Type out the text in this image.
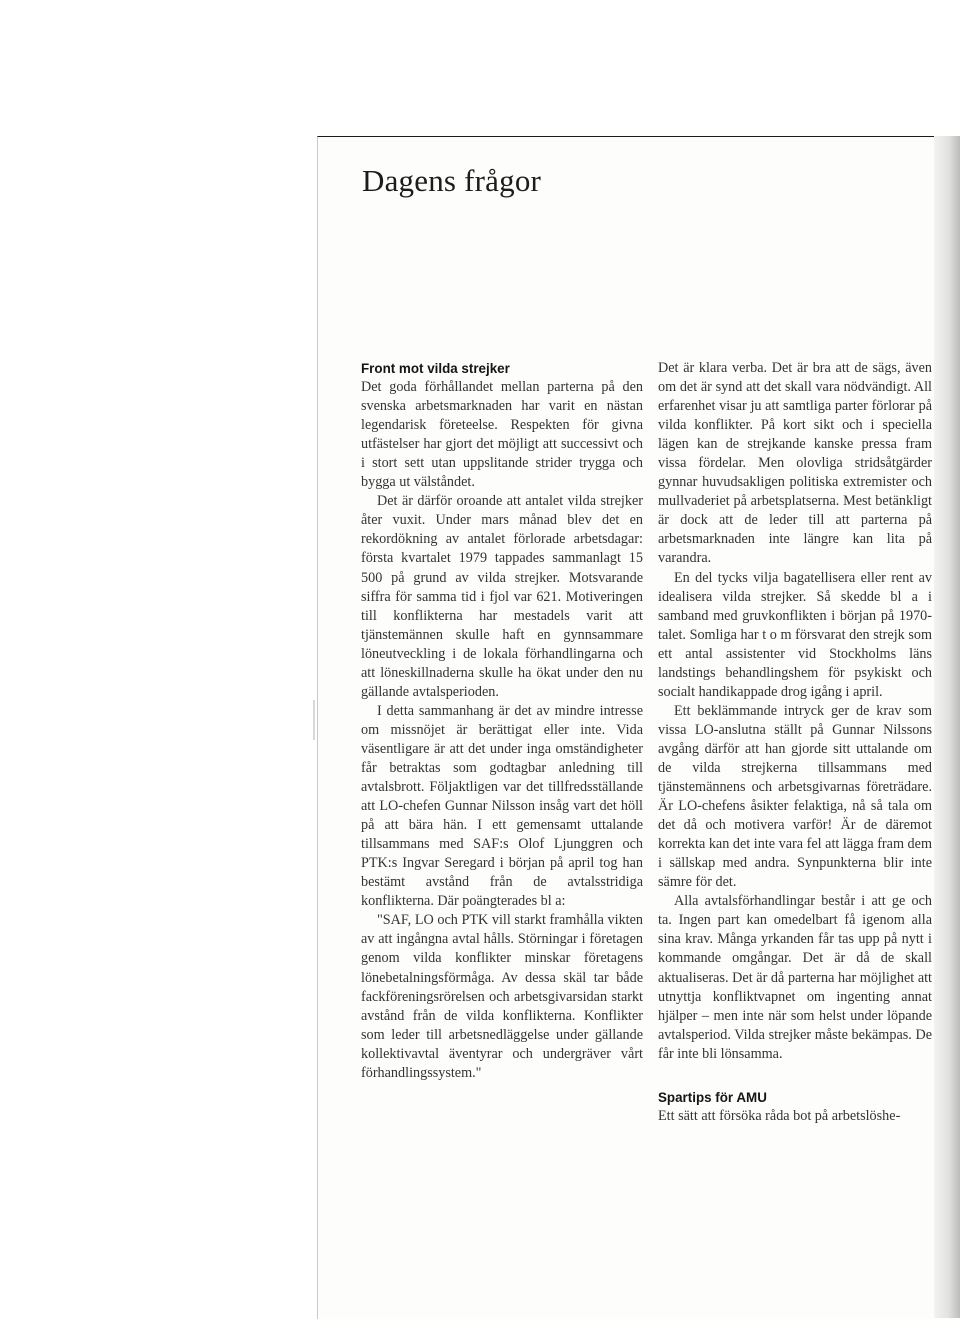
Dagens frågor
Front mot vilda strejker

Det goda förhållandet mellan parterna på den svenska arbetsmarknaden har varit en nästan legendarisk företeelse. Respekten för givna utfästelser har gjort det möjligt att successivt och i stort sett utan uppslitande strider trygga och bygga ut välståndet.

Det är därför oroande att antalet vilda strejker åter vuxit. Under mars månad blev det en rekordökning av antalet förlorade arbetsdagar: första kvartalet 1979 tappades sammanlagt 15 500 på grund av vilda strejker. Motsvarande siffra för samma tid i fjol var 621. Motiveringen till konflikterna har mestadels varit att tjänstemännen skulle haft en gynnsammare löneutveckling i de lokala förhandlingarna och att löneskillnaderna skulle ha ökat under den nu gällande avtalsperioden.

I detta sammanhang är det av mindre intresse om missnöjet är berättigat eller inte. Vida väsentligare är att det under inga omständigheter får betraktas som godtagbar anledning till avtalsbrott. Följaktligen var det tillfredsställande att LO-chefen Gunnar Nilsson insåg vart det höll på att bära hän. I ett gemensamt uttalande tillsammans med SAF:s Olof Ljunggren och PTK:s Ingvar Seregard i början på april tog han bestämt avstånd från de avtalsstridiga konflikterna. Där poängterades bl a:

"SAF, LO och PTK vill starkt framhålla vikten av att ingångna avtal hålls. Störningar i företagen genom vilda konflikter minskar företagens lönebetalningsförmåga. Av dessa skäl tar både fackföreningsrörelsen och arbetsgivarsidan starkt avstånd från de vilda konflikterna. Konflikter som leder till arbetsnedläggelse under gällande kollektivavtal äventyrar och undergräver vårt förhandlingssystem."

Det är klara verba. Det är bra att de sägs, även om det är synd att det skall vara nödvändigt. All erfarenhet visar ju att samtliga parter förlorar på vilda konflikter. På kort sikt och i speciella lägen kan de strejkande kanske pressa fram vissa fördelar. Men olovliga stridsåtgärder gynnar huvudsakligen politiska extremister och mullvaderiet på arbetsplatserna. Mest betänkligt är dock att de leder till att parterna på arbetsmarknaden inte längre kan lita på varandra.

En del tycks vilja bagatellisera eller rent av idealisera vilda strejker. Så skedde bl a i samband med gruvkonflikten i början på 1970-talet. Somliga har t o m försvarat den strejk som ett antal assistenter vid Stockholms läns landstings behandlingshem för psykiskt och socialt handikappade drog igång i april.

Ett beklämmande intryck ger de krav som vissa LO-anslutna ställt på Gunnar Nilssons avgång därför att han gjorde sitt uttalande om de vilda strejkerna tillsammans med tjänstemännens och arbetsgivarnas företrädare. Är LO-chefens åsikter felaktiga, nå så tala om det då och motivera varför! Är de däremot korrekta kan det inte vara fel att lägga fram dem i sällskap med andra. Synpunkterna blir inte sämre för det.

Alla avtalsförhandlingar består i att ge och ta. Ingen part kan omedelbart få igenom alla sina krav. Många yrkanden får tas upp på nytt i kommande omgångar. Det är då de skall aktualiseras. Det är då parterna har möjlighet att utnyttja konfliktvapnet om ingenting annat hjälper – men inte när som helst under löpande avtalsperiod. Vilda strejker måste bekämpas. De får inte bli lönsamma.

Spartips för AMU

Ett sätt att försöka råda bot på arbetslöshe-
